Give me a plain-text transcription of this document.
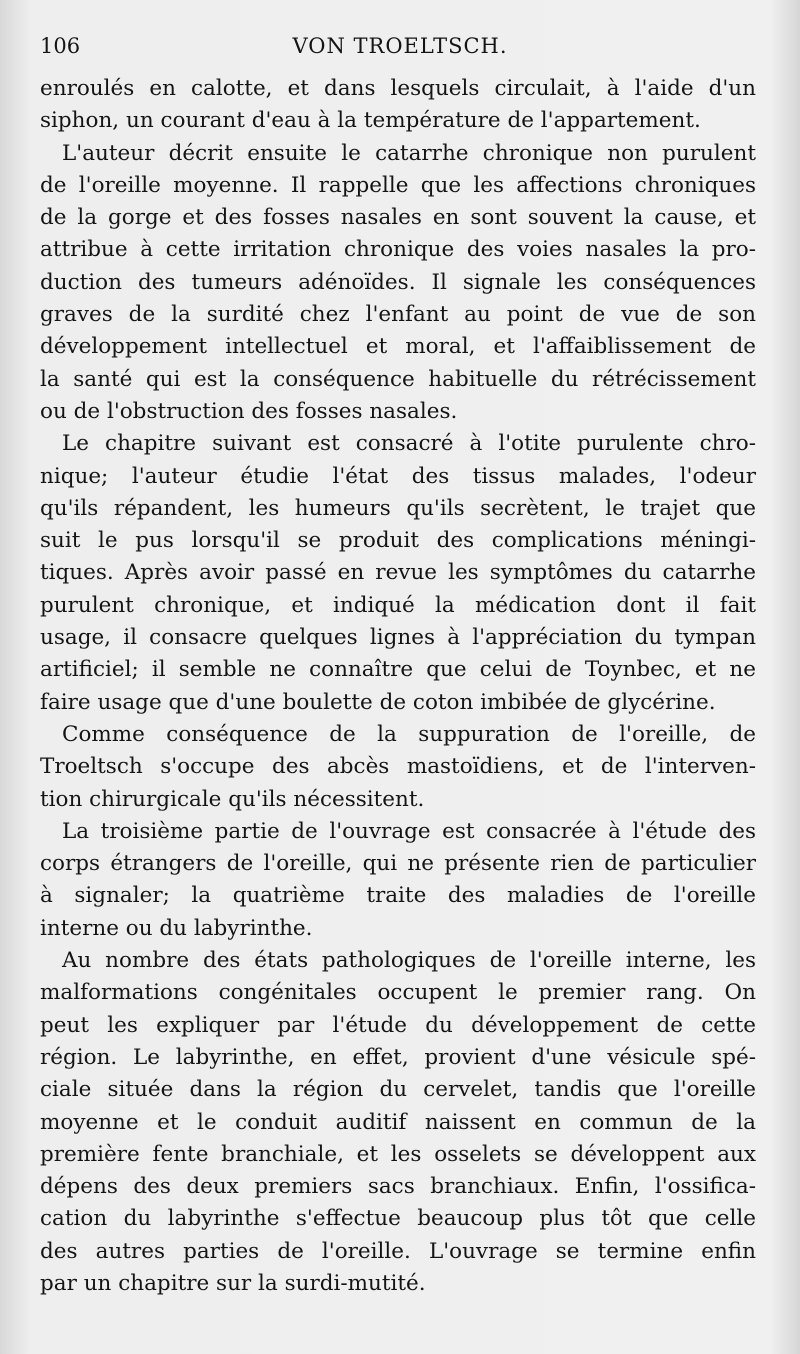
106	VON TROELTSCH.
enroulés en calotte, et dans lesquels circulait, à l'aide d'un
siphon, un courant d'eau à la température de l'appartement.
L'auteur décrit ensuite le catarrhe chronique non purulent
de l'oreille moyenne. Il rappelle que les affections chroniques
de la gorge et des fosses nasales en sont souvent la cause, et
attribue à cette irritation chronique des voies nasales la pro-
duction des tumeurs adénoïdes. Il signale les conséquences
graves de la surdité chez l'enfant au point de vue de son
développement intellectuel et moral, et l'affaiblissement de
la santé qui est la conséquence habituelle du rétrécissement
ou de l'obstruction des fosses nasales.
Le chapitre suivant est consacré à l'otite purulente chro-
nique; l'auteur étudie l'état des tissus malades, l'odeur
qu'ils répandent, les humeurs qu'ils secrètent, le trajet que
suit le pus lorsqu'il se produit des complications méningi-
tiques. Après avoir passé en revue les symptômes du catarrhe
purulent chronique, et indiqué la médication dont il fait
usage, il consacre quelques lignes à l'appréciation du tympan
artificiel; il semble ne connaître que celui de Toynbec, et ne
faire usage que d'une boulette de coton imbibée de glycérine.
Comme conséquence de la suppuration de l'oreille, de
Troeltsch s'occupe des abcès mastoïdiens, et de l'interven-
tion chirurgicale qu'ils nécessitent.
La troisième partie de l'ouvrage est consacrée à l'étude des
corps étrangers de l'oreille, qui ne présente rien de particulier
à signaler; la quatrième traite des maladies de l'oreille
interne ou du labyrinthe.
Au nombre des états pathologiques de l'oreille interne, les
malformations congénitales occupent le premier rang. On
peut les expliquer par l'étude du développement de cette
région. Le labyrinthe, en effet, provient d'une vésicule spé-
ciale située dans la région du cervelet, tandis que l'oreille
moyenne et le conduit auditif naissent en commun de la
première fente branchiale, et les osselets se développent aux
dépens des deux premiers sacs branchiaux. Enfin, l'ossifica-
cation du labyrinthe s'effectue beaucoup plus tôt que celle
des autres parties de l'oreille. L'ouvrage se termine enfin
par un chapitre sur la surdi-mutité.
